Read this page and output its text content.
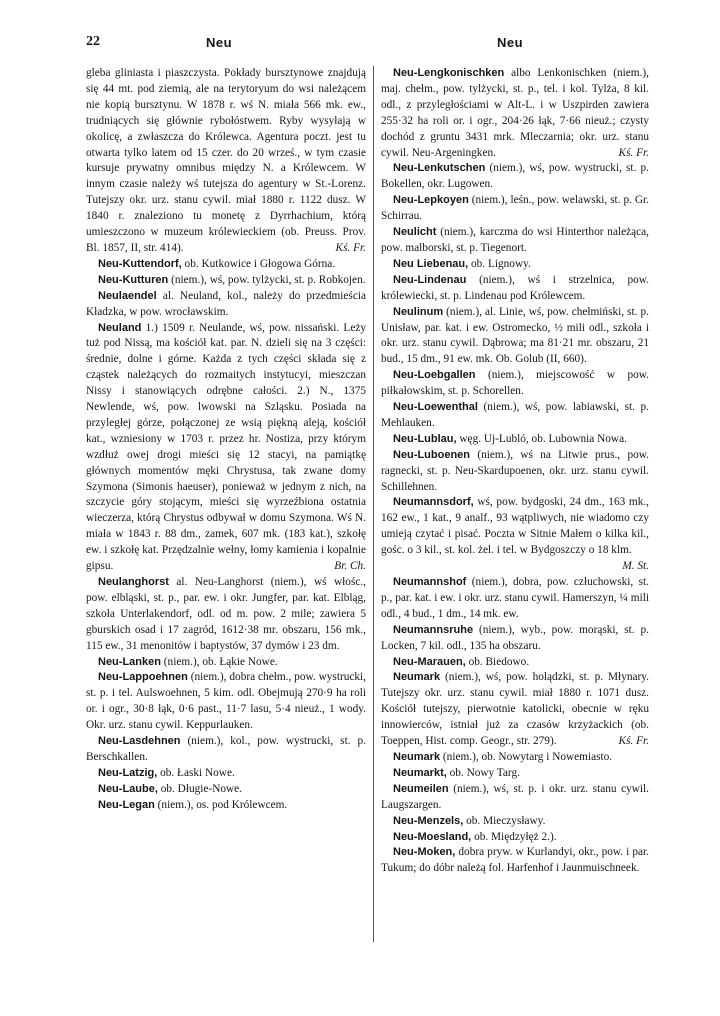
22	Neu	Neu

gleba gliniasta i piaszczysta. Pokłady bursztynowe znajdują się 44 mt. pod ziemią, ale na terytoryum do wsi należącem nie kopią bursztynu. W 1878 r. wś N. miała 566 mk. ew., trudniących się głównie rybołóstwem. Ryby wysyłają w okolicę, a zwłaszcza do Królewca. Agentura poczt. jest tu otwarta tylko latem od 15 czer. do 20 wrześ., w tym czasie kursuje prywatny omnibus między N. a Królewcem. W innym czasie należy wś tutejsza do agentury w St.-Lorenz. Tutejszy okr. urz. stanu cywil. miał 1880 r. 1122 dusz. W 1840 r. znaleziono tu monetę z Dyrrhachium, którą umieszczono w muzeum królewieckiem (ob. Preuss. Prov. Bl. 1857, II, str. 414).	Kś. Fr.

Neu-Kuttendorf, ob. Kutkowice i Głogowa Górna.

Neu-Kutturen (niem.), wś, pow. tylżycki, st. p. Robkojen.

Neulaendel al. Neuland, kol., należy do przedmieścia Kładzka, w pow. wrocławskim.

Neuland 1.) 1509 r. Neulande, wś, pow. nissański. Leży tuż pod Nissą, ma kościół kat. par. N. dzieli się na 3 części: średnie, dolne i górne. Każda z tych części składa się z cząstek należących do rozmaitych instytucyi, mieszczan Nissy i stanowiących odrębne całości. 2.) N., 1375 Newlende, wś, pow. lwowski na Szląsku. Posiada na przyległej górze, połączonej ze wsią piękną aleją, kościół kat., wzniesiony w 1703 r. przez hr. Nostiza, przy którym wzdłuż owej drogi mieści się 12 stacyi, na pamiątkę głównych momentów męki Chrystusa, tak zwane domy Szymona (Simonis haeuser), ponieważ w jednym z nich, na szczycie góry stojącym, mieści się wyrzeźbiona ostatnia wieczerza, którą Chrystus odbywał w domu Szymona. Wś N. miała w 1843 r. 88 dm., zamek, 607 mk. (183 kat.), szkołę ew. i szkołę kat. Przędzalnie wełny, łomy kamienia i kopalnie gipsu.	Br. Ch.

Neulanghorst al. Neu-Langhorst (niem.), wś włośc., pow. elbląski, st. p., par. ew. i okr. Jungfer, par. kat. Elbląg, szkoła Unterlakendorf, odl. od m. pow. 2 mile; zawiera 5 gburskich osad i 17 zagród, 1612·38 mr. obszaru, 156 mk., 115 ew., 31 menonitów i baptystów, 37 dymów i 23 dm.

Neu-Lanken (niem.), ob. Łąkie Nowe.

Neu-Lappoehnen (niem.), dobra chełm., pow. wystrucki, st. p. i tel. Aulswoehnen, 5 kim. odl. Obejmują 270·9 ha roli or. i ogr., 30·8 łąk, 0·6 past., 11·7 lasu, 5·4 nieuż., 1 wody. Okr. urz. stanu cywil. Keppurlauken.

Neu-Lasdehnen (niem.), kol., pow. wystrucki, st. p. Berschkallen.

Neu-Latzig, ob. Łaski Nowe.

Neu-Laube, ob. Długie-Nowe.

Neu-Legan (niem.), os. pod Królewcem.

Neu-Lengkonischken albo Lenkonischken (niem.), maj. chełm., pow. tylżycki, st. p., tel. i kol. Tylża, 8 kil. odl., z przyległościami w Alt-L. i w Uszpirden zawiera 255·32 ha roli or. i ogr., 204·26 łąk, 7·66 nieuż.; czysty dochód z gruntu 3431 mrk. Mleczarnia; okr. urz. stanu cywil. Neu-Argeningken.	Kś. Fr.

Neu-Lenkutschen (niem.), wś, pow. wystrucki, st. p. Bokellen, okr. Lugowen.

Neu-Lepkoyen (niem.), leśn., pow. welawski, st. p. Gr. Schirrau.

Neulicht (niem.), karczma do wsi Hinterthor należąca, pow. malborski, st. p. Tiegenort.

Neu Liebenau, ob. Lignowy.

Neu-Lindenau (niem.), wś i strzelnica, pow. królewiecki, st. p. Lindenau pod Królewcem.

Neulinum (niem.), al. Linie, wś, pow. chełmiński, st. p. Unisław, par. kat. i ew. Ostromecko, ½ mili odl., szkoła i okr. urz. stanu cywil. Dąbrowa; ma 81·21 mr. obszaru, 21 bud., 15 dm., 91 ew. mk. Ob. Golub (II, 660).

Neu-Loebgallen (niem.), miejscowość w pow. piłkałowskim, st. p. Schorellen.

Neu-Loewenthal (niem.), wś, pow. labiawski, st. p. Mehlauken.

Neu-Lublau, węg. Uj-Lubló, ob. Lubownia Nowa.

Neu-Luboenen (niem.), wś na Litwie prus., pow. ragnecki, st. p. Neu-Skardupoenen, okr. urz. stanu cywil. Schillehnen.

Neumannsdorf, wś, pow. bydgoski, 24 dm., 163 mk., 162 ew., 1 kat., 9 analf., 93 wątpliwych, nie wiadomo czy umieją czytać i pisać. Poczta w Sitnie Małem o kilka kil., gośc. o 3 kil., st. kol. żel. i tel. w Bydgoszczy o 18 klm.
M. St.

Neumannshof (niem.), dobra, pow. człuchowski, st. p., par. kat. i ew. i okr. urz. stanu cywil. Hamerszyn, ¼ mili odl., 4 bud., 1 dm., 14 mk. ew.

Neumannsruhe (niem.), wyb., pow. morąski, st. p. Locken, 7 kil. odl., 135 ha obszaru.

Neu-Marauen, ob. Biedowo.

Neumark (niem.), wś, pow. holądzki, st. p. Młynary. Tutejszy okr. urz. stanu cywil. miał 1880 r. 1071 dusz. Kościół tutejszy, pierwotnie katolicki, obecnie w ręku innowierców, istniał już za czasów krzyżackich (ob. Toeppen, Hist. comp. Geogr., str. 279).	Kś. Fr.

Neumark (niem.), ob. Nowytarg i Nowemiasto.

Neumarkt, ob. Nowy Targ.

Neumeilen (niem.), wś, st. p. i okr. urz. stanu cywil. Laugszargen.

Neu-Menzels, ob. Mieczysławy.

Neu-Moesland, ob. Międzyłęż 2.).

Neu-Moken, dobra pryw. w Kurlandyi, okr., pow. i par. Tukum; do dóbr należą fol. Harfenhof i Jaunmuischneek.
